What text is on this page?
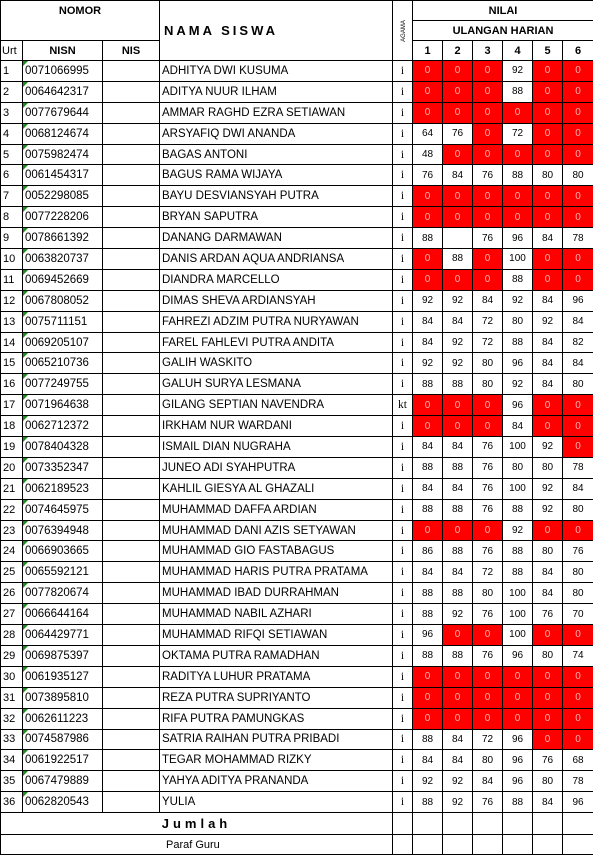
NOMOR			NAMA SISWA	AGAMA	NILAI					
					ULANGAN HARIAN					
Urt	NISN	NIS			1	2	3	4	5	6
1	0071066995		ADHITYA DWI KUSUMA	i	0	0	0	92	0	0
2	0064642317		ADITYA NUUR ILHAM	i	0	0	0	88	0	0
3	0077679644		AMMAR RAGHD EZRA SETIAWAN	i	0	0	0	0	0	0
4	0068124674		ARSYAFIQ DWI ANANDA	i	64	76	0	72	0	0
5	0075982474		BAGAS ANTONI	i	48	0	0	0	0	0
6	0061454317		BAGUS RAMA WIJAYA	i	76	84	76	88	80	80
7	0052298085		BAYU DESVIANSYAH PUTRA	i	0	0	0	0	0	0
8	0077228206		BRYAN SAPUTRA	i	0	0	0	0	0	0
9	0078661392		DANANG DARMAWAN	i	88		76	96	84	78
10	0063820737		DANIS ARDAN AQUA ANDRIANSA	i	0	88	0	100	0	0
11	0069452669		DIANDRA MARCELLO	i	0	0	0	88	0	0
12	0067808052		DIMAS SHEVA ARDIANSYAH	i	92	92	84	92	84	96
13	0075711151		FAHREZI ADZIM PUTRA NURYAWAN	i	84	84	72	80	92	84
14	0069205107		FAREL FAHLEVI PUTRA ANDITA	i	84	92	72	88	84	82
15	0065210736		GALIH WASKITO	i	92	92	80	96	84	84
16	0077249755		GALUH SURYA LESMANA	i	88	88	80	92	84	80
17	0071964638		GILANG SEPTIAN NAVENDRA	kt	0	0	0	96	0	0
18	0062712372		IRKHAM NUR WARDANI	i	0	0	0	84	0	0
19	0078404328		ISMAIL DIAN NUGRAHA	i	84	84	76	100	92	0
20	0073352347		JUNEO ADI SYAHPUTRA	i	88	88	76	80	80	78
21	0062189523		KAHLIL GIESYA AL GHAZALI	i	84	84	76	100	92	84
22	0074645975		MUHAMMAD DAFFA ARDIAN	i	88	88	76	88	92	80
23	0076394948		MUHAMMAD DANI AZIS SETYAWAN	i	0	0	0	92	0	0
24	0066903665		MUHAMMAD GIO FASTABAGUS	i	86	88	76	88	80	76
25	0065592121		MUHAMMAD HARIS PUTRA PRATAMA	i	84	84	72	88	84	80
26	0077820674		MUHAMMAD IBAD DURRAHMAN	i	88	88	80	100	84	80
27	0066644164		MUHAMMAD NABIL AZHARI	i	88	92	76	100	76	70
28	0064429771		MUHAMMAD RIFQI SETIAWAN	i	96	0	0	100	0	0
29	0069875397		OKTAMA PUTRA RAMADHAN	i	88	88	76	96	80	74
30	0061935127		RADITYA LUHUR PRATAMA	i	0	0	0	0	0	0
31	0073895810		REZA PUTRA SUPRIYANTO	i	0	0	0	0	0	0
32	0062611223		RIFA PUTRA PAMUNGKAS	i	0	0	0	0	0	0
33	0074587986		SATRIA RAIHAN PUTRA PRIBADI	i	88	84	72	96	0	0
34	0061922517		TEGAR MOHAMMAD RIZKY	i	84	84	80	96	76	68
35	0067479889		YAHYA ADITYA PRANANDA	i	92	92	84	96	80	78
36	0062820543		YULIA	i	88	92	76	88	84	96
Jumlah										
Paraf Guru										
